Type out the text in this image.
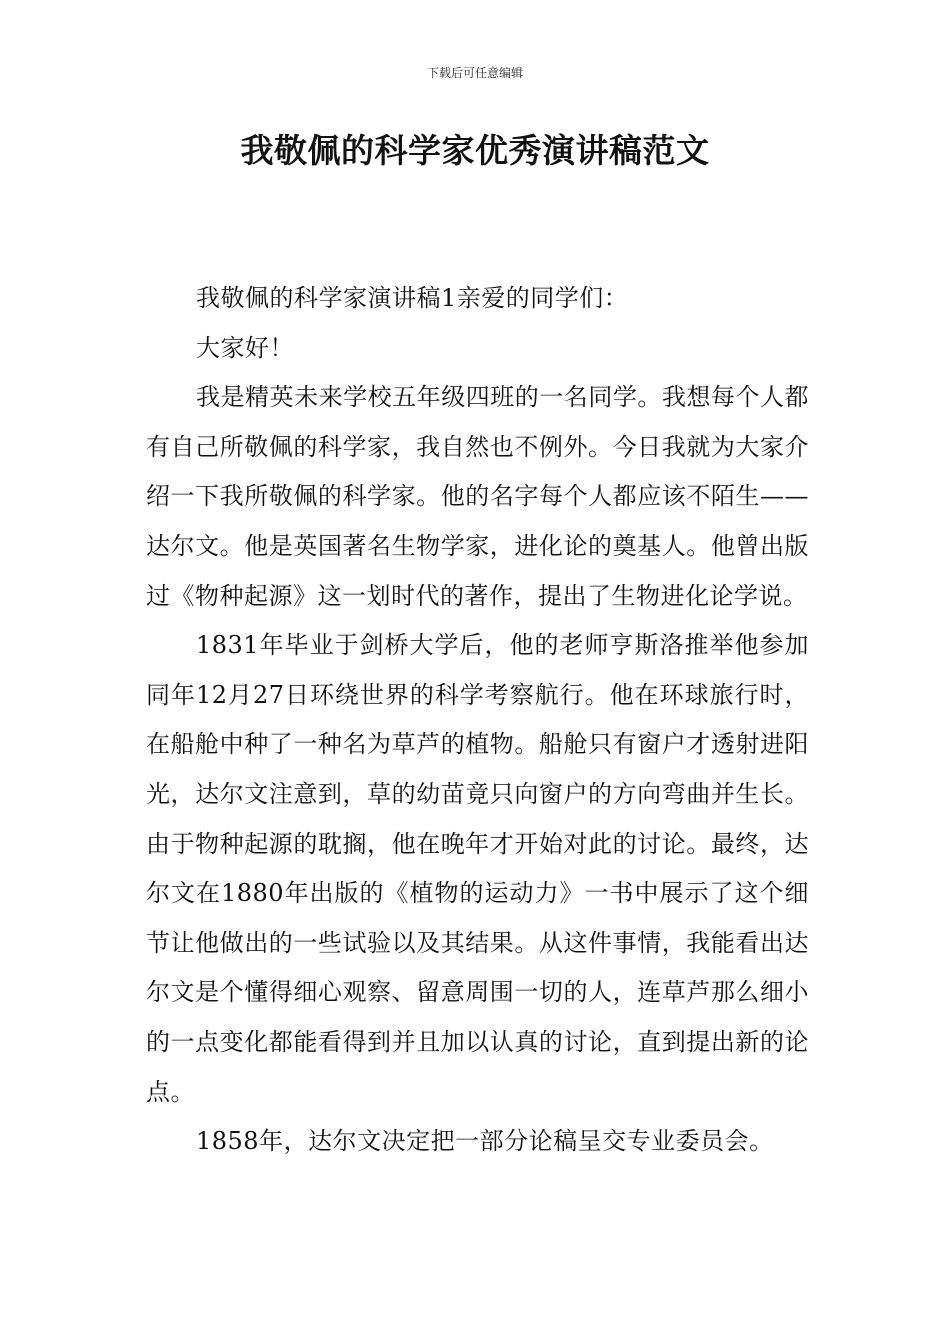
下载后可任意编辑
我敬佩的科学家优秀演讲稿范文

我敬佩的科学家演讲稿1亲爱的同学们：

大家好！

我是精英未来学校五年级四班的一名同学。我想每个人都有自己所敬佩的科学家，我自然也不例外。今日我就为大家介绍一下我所敬佩的科学家。他的名字每个人都应该不陌生——达尔文。他是英国著名生物学家，进化论的奠基人。他曾出版过《物种起源》这一划时代的著作，提出了生物进化论学说。

1831年毕业于剑桥大学后，他的老师亨斯洛推举他参加同年12月27日环绕世界的科学考察航行。他在环球旅行时，在船舱中种了一种名为草芦的植物。船舱只有窗户才透射进阳光，达尔文注意到，草的幼苗竟只向窗户的方向弯曲并生长。由于物种起源的耽搁，他在晚年才开始对此的讨论。最终，达尔文在1880年出版的《植物的运动力》一书中展示了这个细节让他做出的一些试验以及其结果。从这件事情，我能看出达尔文是个懂得细心观察、留意周围一切的人，连草芦那么细小的一点变化都能看得到并且加以认真的讨论，直到提出新的论点。

1858年，达尔文决定把一部分论稿呈交专业委员会。
